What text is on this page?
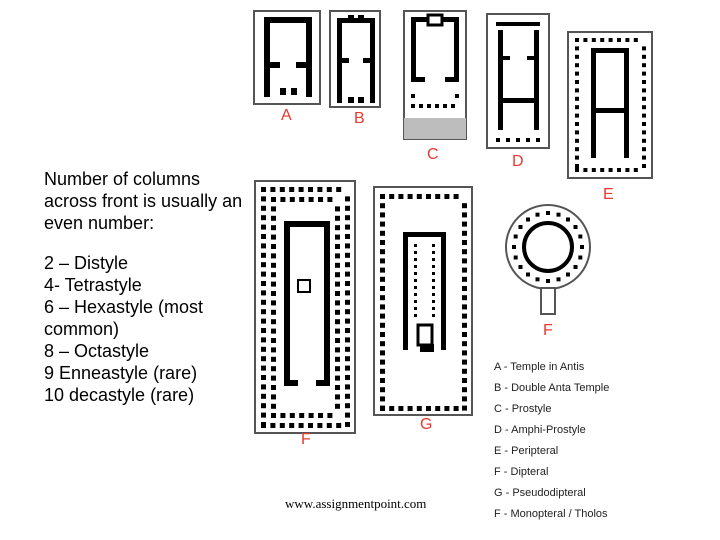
A	B
C	D
E
F
F
G

Number of columns across front is usually an even number:

2 – Distyle

4- Tetrastyle

6 – Hexastyle (most common)

8 – Octastyle

9 Enneastyle (rare)

10 decastyle (rare)

A - Temple in Antis
B - Double Anta Temple
C - Prostyle
D - Amphi-Prostyle
E - Peripteral
F - Dipteral
G - Pseudodipteral
F - Monopteral / Tholos
www.assignmentpoint.com
